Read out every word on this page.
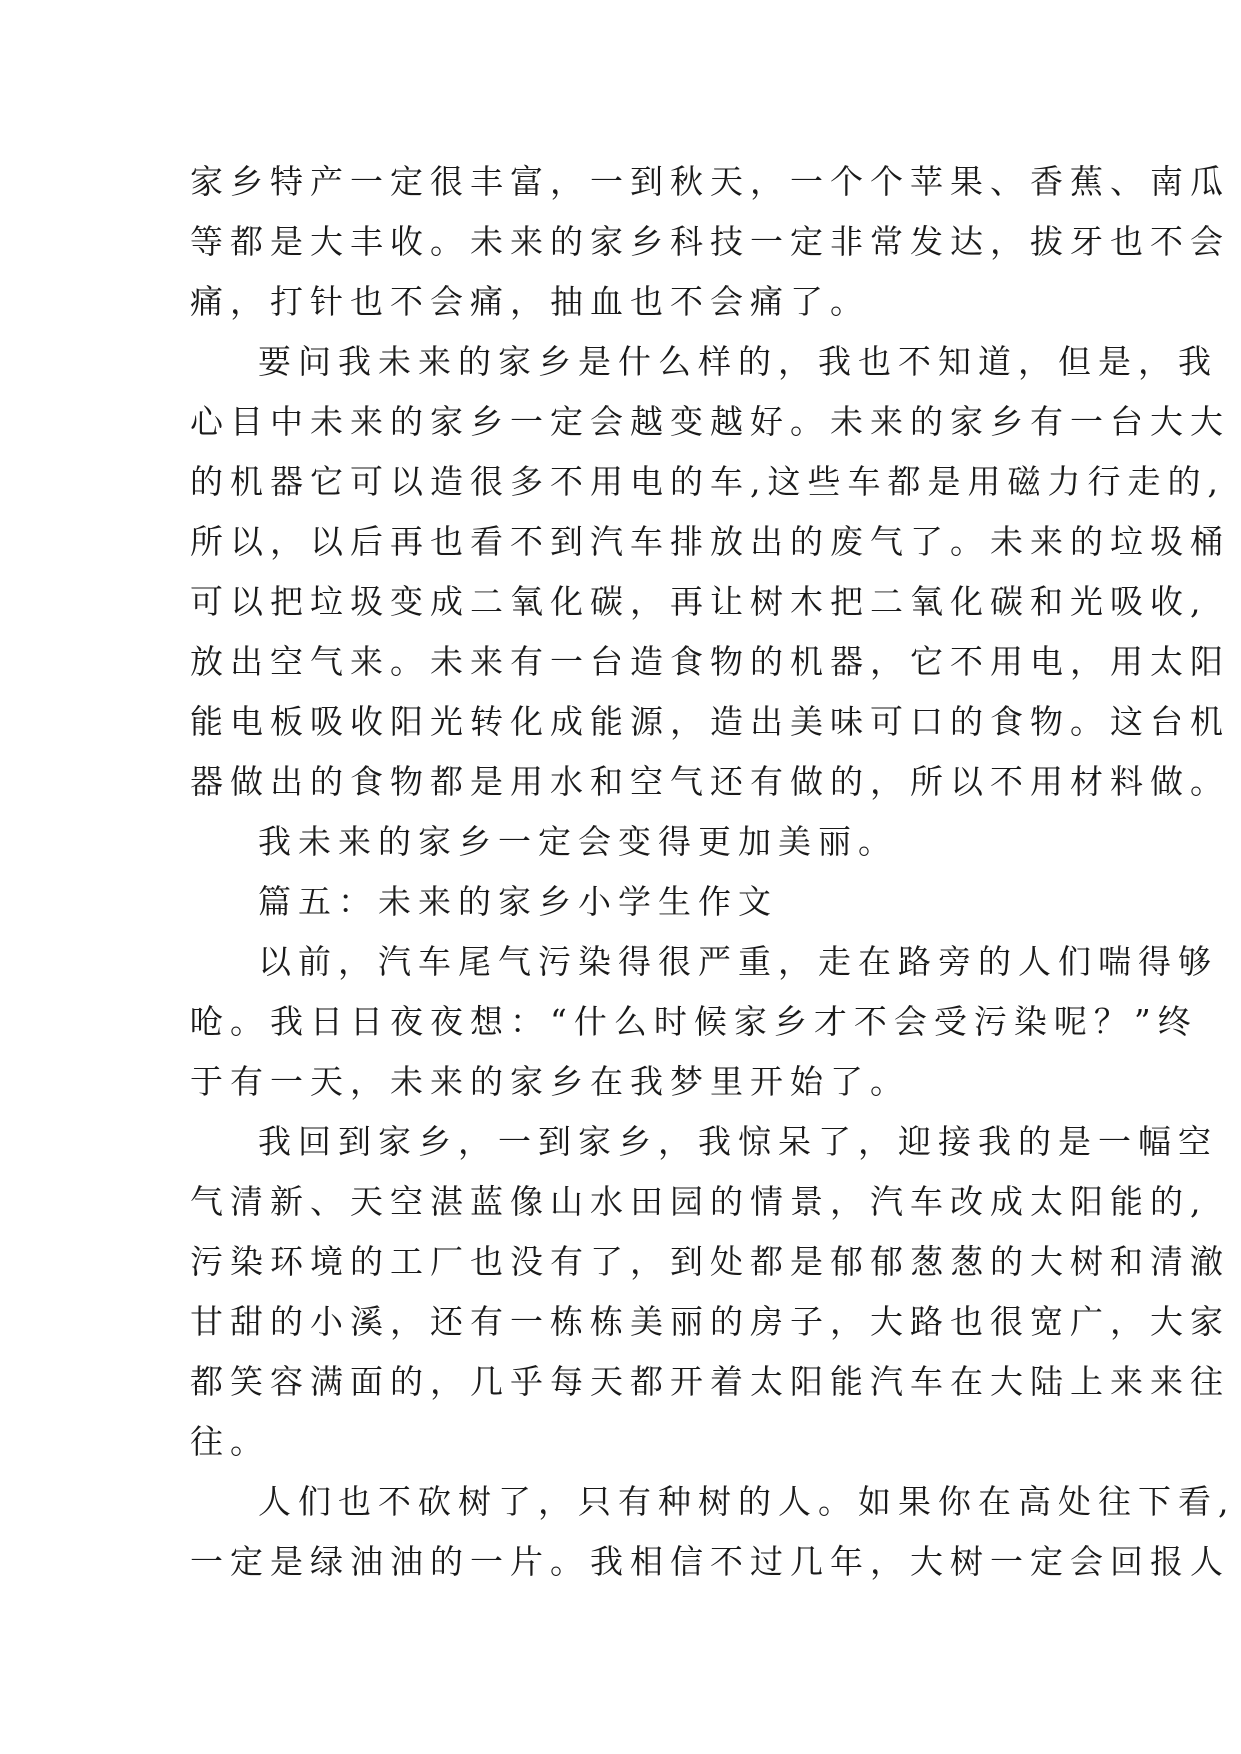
家乡特产一定很丰富，一到秋天，一个个苹果、香蕉、南瓜
等都是大丰收。未来的家乡科技一定非常发达，拔牙也不会
痛，打针也不会痛，抽血也不会痛了。
要问我未来的家乡是什么样的，我也不知道，但是，我
心目中未来的家乡一定会越变越好。未来的家乡有一台大大
的机器它可以造很多不用电的车,这些车都是用磁力行走的,
所以，以后再也看不到汽车排放出的废气了。未来的垃圾桶
可以把垃圾变成二氧化碳，再让树木把二氧化碳和光吸收,
放出空气来。未来有一台造食物的机器，它不用电，用太阳
能电板吸收阳光转化成能源，造出美味可口的食物。这台机
器做出的食物都是用水和空气还有做的，所以不用材料做。
我未来的家乡一定会变得更加美丽。
篇五：未来的家乡小学生作文
以前，汽车尾气污染得很严重，走在路旁的人们喘得够
呛。我日日夜夜想：“什么时候家乡才不会受污染呢？”终
于有一天，未来的家乡在我梦里开始了。
我回到家乡，一到家乡，我惊呆了，迎接我的是一幅空
气清新、天空湛蓝像山水田园的情景，汽车改成太阳能的,
污染环境的工厂也没有了，到处都是郁郁葱葱的大树和清澈
甘甜的小溪，还有一栋栋美丽的房子，大路也很宽广，大家
都笑容满面的，几乎每天都开着太阳能汽车在大陆上来来往
往。
人们也不砍树了，只有种树的人。如果你在高处往下看,
一定是绿油油的一片。我相信不过几年，大树一定会回报人
